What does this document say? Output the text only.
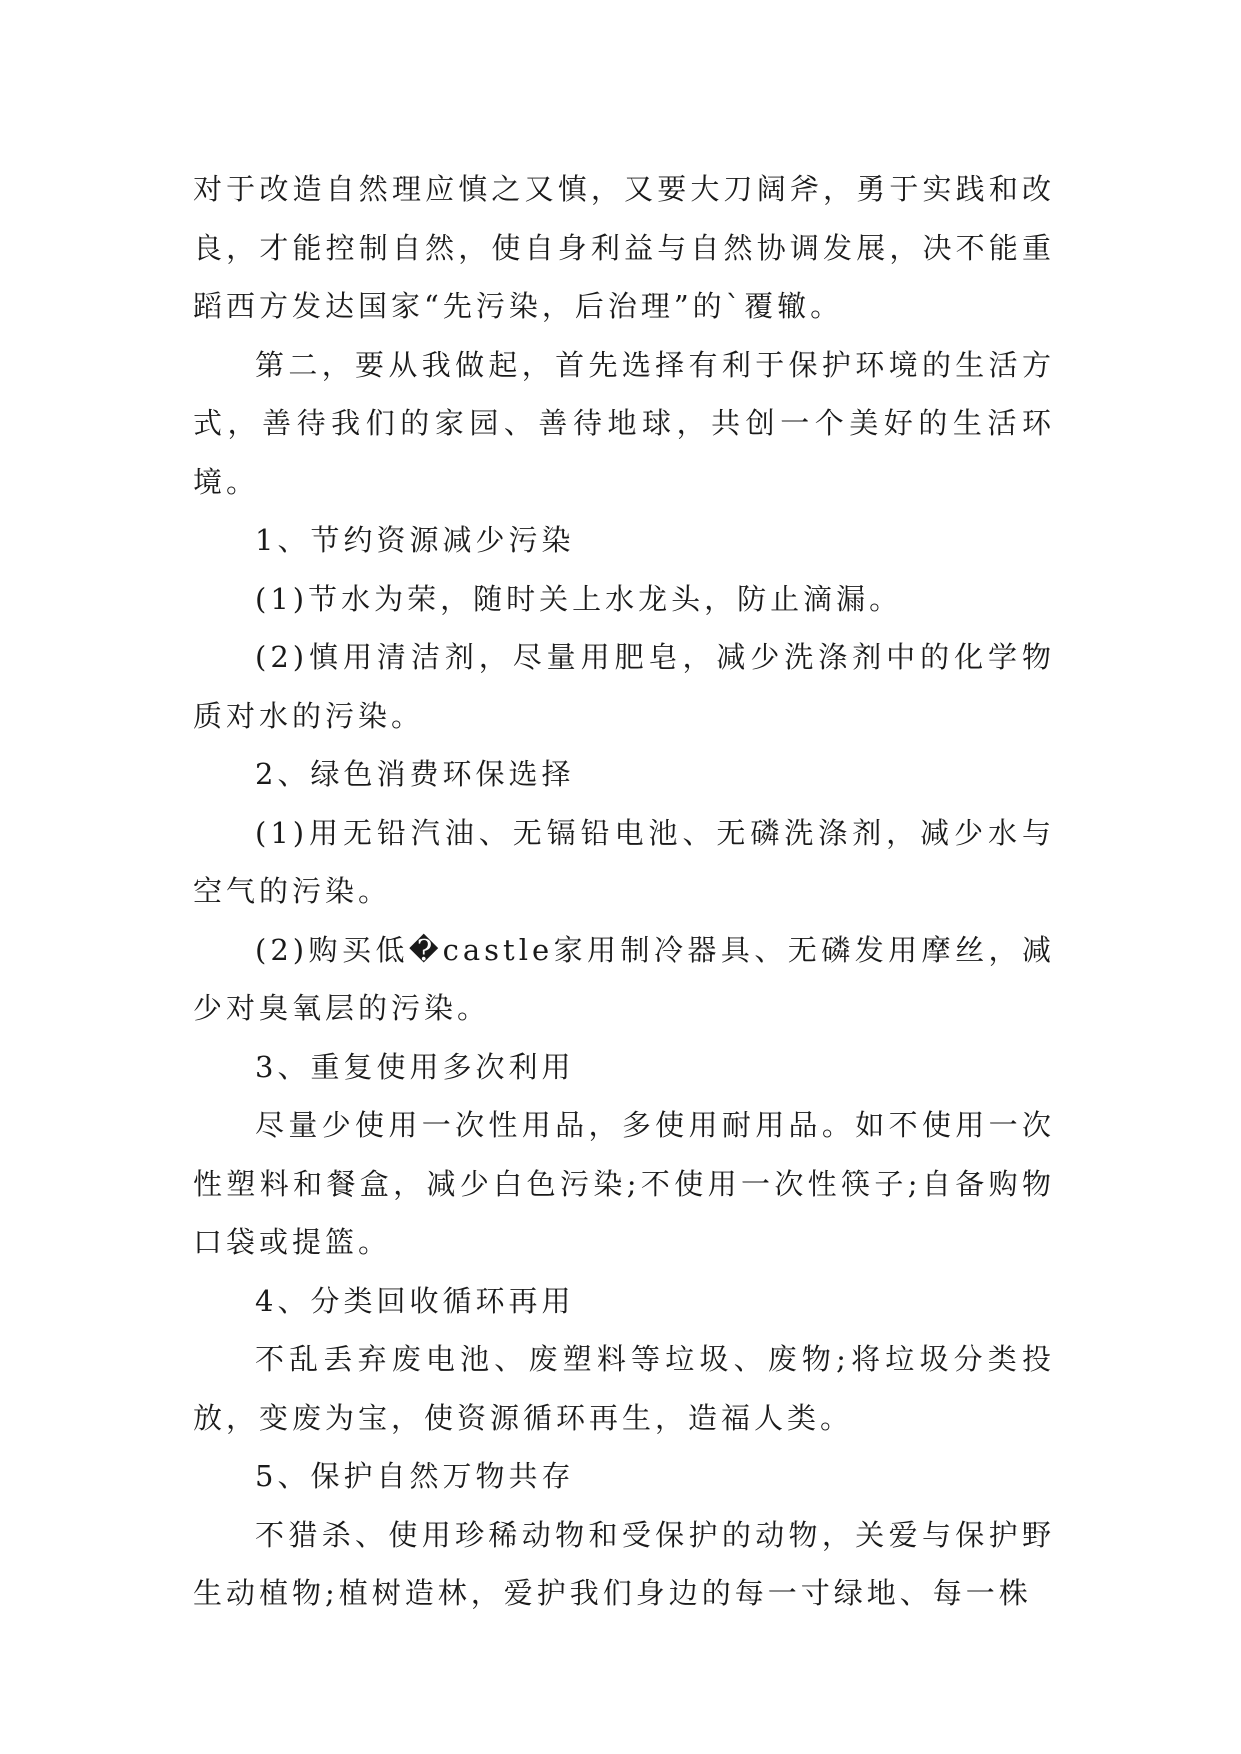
对于改造自然理应慎之又慎，又要大刀阔斧，勇于实践和改良，才能控制自然，使自身利益与自然协调发展，决不能重蹈西方发达国家“先污染，后治理”的`覆辙。

第二，要从我做起，首先选择有利于保护环境的生活方式，善待我们的家园、善待地球，共创一个美好的生活环境。

1、节约资源减少污染

(1)节水为荣，随时关上水龙头，防止滴漏。

(2)慎用清洁剂，尽量用肥皂，减少洗涤剂中的化学物质对水的污染。

2、绿色消费环保选择

(1)用无铅汽油、无镉铅电池、无磷洗涤剂，减少水与空气的污染。

(2)购买低�castle家用制冷器具、无磷发用摩丝，减少对臭氧层的污染。

3、重复使用多次利用

尽量少使用一次性用品，多使用耐用品。如不使用一次性塑料和餐盒，减少白色污染;不使用一次性筷子;自备购物口袋或提篮。

4、分类回收循环再用

不乱丢弃废电池、废塑料等垃圾、废物;将垃圾分类投放，变废为宝，使资源循环再生，造福人类。

5、保护自然万物共存

不猎杀、使用珍稀动物和受保护的动物，关爱与保护野生动植物;植树造林，爱护我们身边的每一寸绿地、每一株
